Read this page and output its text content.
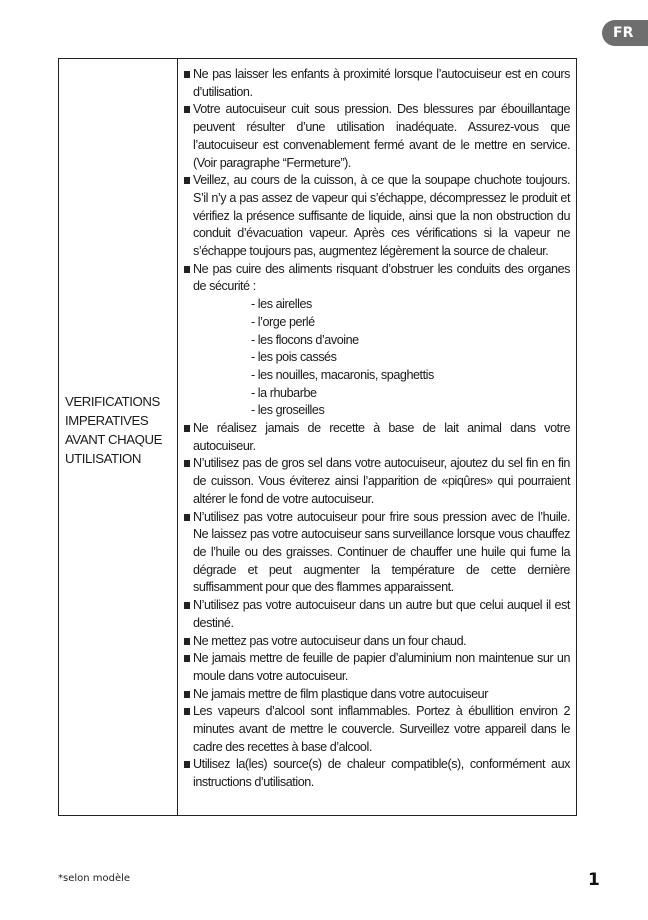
FR
VERIFICATIONS
IMPERATIVES
AVANT CHAQUE
UTILISATION
Ne pas laisser les enfants à proximité lorsque l’autocuiseur est en cours d’utilisation.
Votre autocuiseur cuit sous pression. Des blessures par ébouillantage peuvent résulter d’une utilisation inadéquate. Assurez-vous que l’autocuiseur est convenablement fermé avant de le mettre en service. (Voir paragraphe “Fermeture”).
Veillez, au cours de la cuisson, à ce que la soupape chuchote toujours. S’il n’y a pas assez de vapeur qui s’échappe, décompressez le produit et vérifiez la présence suffisante de liquide, ainsi que la non obstruction du conduit d’évacuation vapeur. Après ces vérifications si la vapeur ne s’échappe toujours pas, augmentez légèrement la source de chaleur.
Ne pas cuire des aliments risquant d’obstruer les conduits des organes de sécurité :
- les airelles
- l’orge perlé
- les flocons d’avoine
- les pois cassés
- les nouilles, macaronis, spaghettis
- la rhubarbe
- les groseilles
Ne réalisez jamais de recette à base de lait animal dans votre autocuiseur.
N’utilisez pas de gros sel dans votre autocuiseur, ajoutez du sel fin en fin de cuisson. Vous éviterez ainsi l’apparition de «piqûres» qui pourraient altérer le fond de votre autocuiseur.
N’utilisez pas votre autocuiseur pour frire sous pression avec de l’huile. Ne laissez pas votre autocuiseur sans surveillance lorsque vous chauffez de l’huile ou des graisses. Continuer de chauffer une huile qui fume la dégrade et peut augmenter la température de cette dernière suffisamment pour que des flammes apparaissent.
N’utilisez pas votre autocuiseur dans un autre but que celui auquel il est destiné.
Ne mettez pas votre autocuiseur dans un four chaud.
Ne jamais mettre de feuille de papier d’aluminium non maintenue sur un moule dans votre autocuiseur.
Ne jamais mettre de film plastique dans votre autocuiseur
Les vapeurs d’alcool sont inflammables. Portez à ébullition environ 2 minutes avant de mettre le couvercle. Surveillez votre appareil dans le cadre des recettes à base d’alcool.
Utilisez la(les) source(s) de chaleur compatible(s), conformément aux instructions d’utilisation.
*selon modèle	1
